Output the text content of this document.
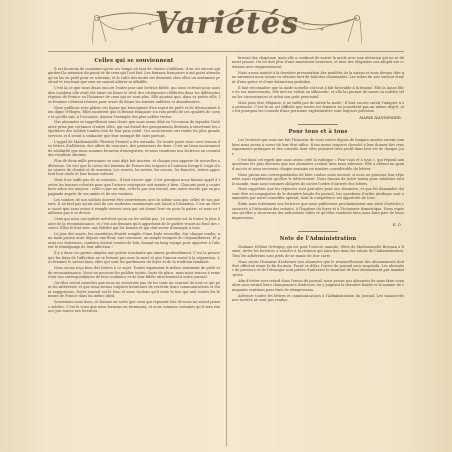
Variétés
Celles qui se souviennent

Il est heureux de constater qu'en ces temps où tant de choses s'oublient, il en est encore qui gardent la mémoire du passé et de ceux qui l'ont fait. Les femmes françaises n'ont point attendu qu'on les en priât pour se souvenir, et le culte des morts est demeuré chez elles un sentiment profond et touchant que rien ne saurait altérer ni affaiblir.

C'est là ce que nous disait encore l'autre jour une lectrice fidèle, qui nous écrivait pour nous dire combien elle avait été émue en lisant le récit des cérémonies célébrées dans les différentes régions de France en l'honneur de ceux qui ne sont plus. Elle ajoutait que, dans sa petite ville, les femmes s'étaient réunies pour orner de fleurs les tombes oubliées et abandonnées.

Nous publions avec plaisir ces lignes qui témoignent d'un esprit de piété et de dévouement bien digne d'éloges. Elles montrent que la femme française n'a rien perdu de ses qualités de coeur et qu'elle sait, à l'occasion, donner l'exemple des plus nobles vertus.

Nos abonnées se rappelleront sans doute que nous avons déjà eu l'occasion de signaler l'initiative prise par certaines d'entre elles, qui ont formé des groupements destinés à entretenir les sépultures des soldats tombés loin de leur pays natal. Ces associations ont rendu les plus grands services et il serait à souhaiter que leur exemple fût suivi partout.

L'appel de Mademoiselle Thérèse Fresnel a été entendu. De toutes parts nous sont venues des lettres d'adhésion, des offres de concours, des promesses de dons. C'est un beau mouvement de solidarité que nous sommes heureux d'enregistrer, et nous tiendrons nos lectrices au courant des résultats obtenus.

Plus de deux mille personnes se sont déjà fait inscrire, et chaque jour apporte de nouvelles adhésions. On voit que le coeur des femmes de France bat toujours à l'unisson lorsqu'il s'agit d'une oeuvre de charité et de souvenir. Les veuves, les mères, les soeurs, les fiancées, toutes apportent leur obole et leur bonne volonté.

Mais il ne suffit pas de se souvenir ; il faut encore agir. C'est pourquoi nous faisons appel à toutes les bonnes volontés pour que l'oeuvre entreprise soit menée à bien. Chacune peut y contribuer selon ses moyens : celle-ci par un don, celle-là par son travail, une autre encore par sa propagande auprès de ses amies et de ses voisines.

Les tombes de nos soldats doivent être entretenues avec le même soin que celles de nos parents. Il ne faut pas qu'un seul de ces modestes monuments soit laissé à l'abandon. C'est un devoir sacré que nous avons à remplir envers ceux qui ont donné leur vie pour la patrie, et nous ne faillirons pas à ce devoir.

Ceux qui nous ont quittés méritent qu'on ne les oublie pas. Le souvenir est la forme la plus haute de la reconnaissance, et c'est aux femmes qu'il appartient de le garder vivant au fond des coeurs. Elles le font avec une fidélité qui les honore et qui doit servir d'exemple à tous.

Le jour des morts, les cimetières étaient remplis d'une foule recueillie. Sur chaque tombe, une main pieuse avait déposé une fleur, une couronne, un simple bouquet de chrysanthèmes. Et parmi ces visiteuses, combien étaient venues de loin, faisant un long voyage pour apporter à l'absent le témoignage de leur affection !

Il y a dans ces gestes simples une poésie touchante qui émeut profondément. C'est la preuve que les liens de l'affection ne se brisent pas avec la mort et que l'amour survit à la séparation. Les femmes le savent bien, elles qui sont les gardiennes du foyer et de la tradition familiale.

Nous avons reçu bien des lettres à ce sujet. Toutes expriment le même sentiment de piété et de reconnaissance. Nous ne pouvons les publier toutes, faute de place, mais nous tenons à remercier nos correspondantes de leur confiance et de leur fidèle attachement à notre journal.

Qu'elles soient assurées que nous ne cesserons pas de les tenir au courant de tout ce qui peut les intéresser, et que nous serons toujours heureuses de recevoir leurs communications et leurs suggestions. Notre journal est le leur, et nous voulons qu'il reste le lien qui unit toutes les femmes de France dans un même idéal.

Souvenons-nous donc, et faisons en sorte que ceux qui reposent loin de nous ne soient jamais oubliés. C'est le voeu que nous formons en terminant, et nous sommes certaines qu'il sera exaucé par toutes nos lectrices.

brisser des chapeaux, mais elle a continué de suivre la mode avec une attention qui ne se dément jamais. On lui doit plus d'une innovation heureuse, et bien des élégantes ont adopté ses créations avec empressement.

Nous avons assisté à la dernière présentation des modèles de la saison et nous devons dire que rarement nous avions vu réunies tant de toilettes charmantes. Les robes du soir surtout étaient d'une grâce et d'une distinction parfaites.

Il faut reconnaître que la mode actuelle est tout à fait favorable à la femme. Elle la laisse libre de ses mouvements, elle met en valeur sa silhouette, et elle lui permet de varier sa toilette selon les circonstances et selon son goût personnel.

Mais pour être élégante, il ne suffit pas de suivre la mode ; il faut encore savoir l'adapter à sa personne. C'est là un art difficile que toutes les femmes ne possèdent pas au même degré, et c'est pourquoi les conseils d'une personne expérimentée sont toujours précieux.

MARIE HANNEMIER.
Pour tous et à tous

Les lectrices qui nous ont fait l'honneur de nous suivre depuis de longues années savent combien nous avons à coeur de leur être utiles. Nous avons toujours cherché à leur donner des renseignements pratiques et des conseils dont elles puissent tirer profit dans leur vie de chaque jour.

C'est dans cet esprit que nous avons créé la rubrique « Pour tous et à tous », qui répond aux questions les plus diverses que nos abonnées veulent bien nous adresser. Elle a obtenu un grand succès et nous recevons chaque semaine un nombre considérable de lettres.

Nous prions nos correspondantes de bien vouloir nous excuser si nous ne pouvons leur répondre aussi rapidement qu'elles le désireraient. Nous faisons de notre mieux pour satisfaire tout le monde, mais nous sommes obligées de suivre l'ordre d'arrivée des lettres.

Nous rappelons que les réponses sont gratuites pour nos abonnées, et que les demandes doivent être accompagnées de la dernière bande du journal. Les questions d'ordre juridique sont examinées par notre conseiller spécial, dont la compétence est appréciée de tous.

Enfin nous informons nos lectrices que nous publierons prochainement une série d'articles consacrés à l'éducation des enfants, à l'hygiène du foyer et à l'économie domestique. Nous espérons qu'elles y trouveront des indications utiles et qu'elles voudront bien nous faire part de leurs impressions.

E. D.
Note de l'Administration

Madame Hélène Grévigny, qui est pour l'oeuvre amicale, élève de Mademoiselle Brossan à Reims, invite les lectrices à assister à la réunion qui aura lieu dans les salons de l'Administration. Tous les adhérents sont priés de se munir de leur carte.

Nous avons l'honneur d'informer nos abonnées que le renouvellement des abonnements doit être effectué avant la fin du mois. Passé ce délai, l'envoi du journal sera suspendu. Les abonnées de province et de l'étranger sont priées d'adresser le montant de leur abonnement par mandat-poste.

Afin d'éviter tout retard dans l'envoi du journal, nous prions nos abonnées de nous faire connaître sans retard leurs changements d'adresse, en y joignant la dernière bande et la somme de cinquante centimes pour frais de réimpression.

Adresser toutes les lettres et communications à l'Administration du journal. Les manuscrits non insérés ne sont pas rendus.
